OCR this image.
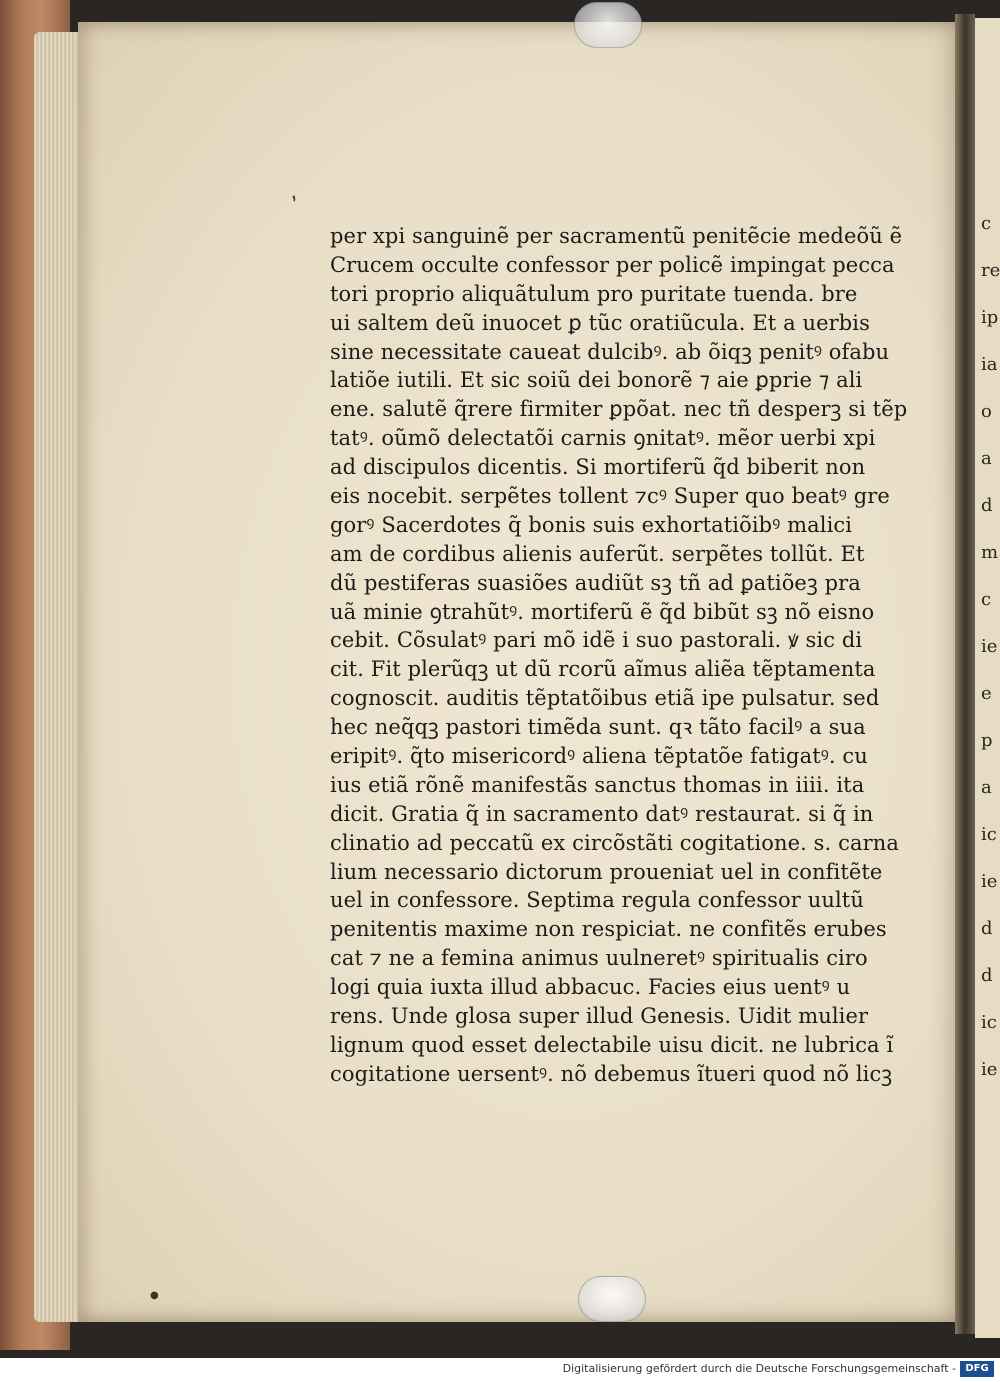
’
●
per xpi sanguinẽ per sacramentũ penitẽcie medeõũ ẽ
Crucem occulte confessor per policẽ impingat pecca
tori proprio aliquãtulum pro puritate tuenda. bre
ui saltem deũ inuocet ꝑ tũc oratiũcula. Et a uerbis
sine necessitate caueat dulcibꝰ. ab õiqꝫ penitꝰ ofabu
latiõe iutili. Et sic soiũ dei bonorẽ ⁊ aie ꝑprie ⁊ ali
ene. salutẽ q̃rere firmiter ꝑpõat. nec tñ desperꝫ si tẽp
tatꝰ. oũmõ delectatõi carnis ꝯnitatꝰ. mẽor uerbi xpi
ad discipulos dicentis. Si mortiferũ q̃d biberit non
eis nocebit. serpẽtes tollent ⁊cꝰ Super quo beatꝰ gre
gorꝰ Sacerdotes q̃ bonis suis exhortatiõibꝰ malici
am de cordibus alienis auferũt. serpẽtes tollũt. Et
dũ pestiferas suasiões audiũt sꝫ tñ ad ꝑatiõeꝫ pra
uã minie ꝯtrahũtꝰ. mortiferũ ẽ q̃d bibũt sꝫ nõ eisno
cebit. Cõsulatꝰ pari mõ idẽ i suo pastorali. ꝟ sic di
cit. Fit plerũqꝫ ut dũ rcorũ aĩmus aliẽa tẽptamenta
cognoscit. auditis tẽptatõibus etiã ipe pulsatur. sed
hec neq̃qꝫ pastori timẽda sunt. qꝛ tãto facilꝰ a sua
eripitꝰ. q̃to misericordꝰ aliena tẽptatõe fatigatꝰ. cu
ius etiã rõnẽ manifestãs sanctus thomas in iiii. ita
dicit. Gratia q̃ in sacramento datꝰ restaurat. si q̃ in
clinatio ad peccatũ ex circõstãti cogitatione. s. carna
lium necessario dictorum proueniat uel in confitẽte
uel in confessore. Septima regula confessor uultũ
penitentis maxime non respiciat. ne confitẽs erubes
cat ⁊ ne a femina animus uulneretꝰ spiritualis ciro
logi quia iuxta illud abbacuc. Facies eius uentꝰ u
rens. Unde glosa super illud Genesis. Uidit mulier
lignum quod esset delectabile uisu dicit. ne lubrica ĩ
cogitatione uersentꝰ. nõ debemus ĩtueri quod nõ licꝫ
c
re
ip
ia
o
a
d
m
c
ie
e
p
a
ic
ie
d
d
ic
ie
Digitalisierung gefördert durch die Deutsche Forschungsgemeinschaft - DFG
